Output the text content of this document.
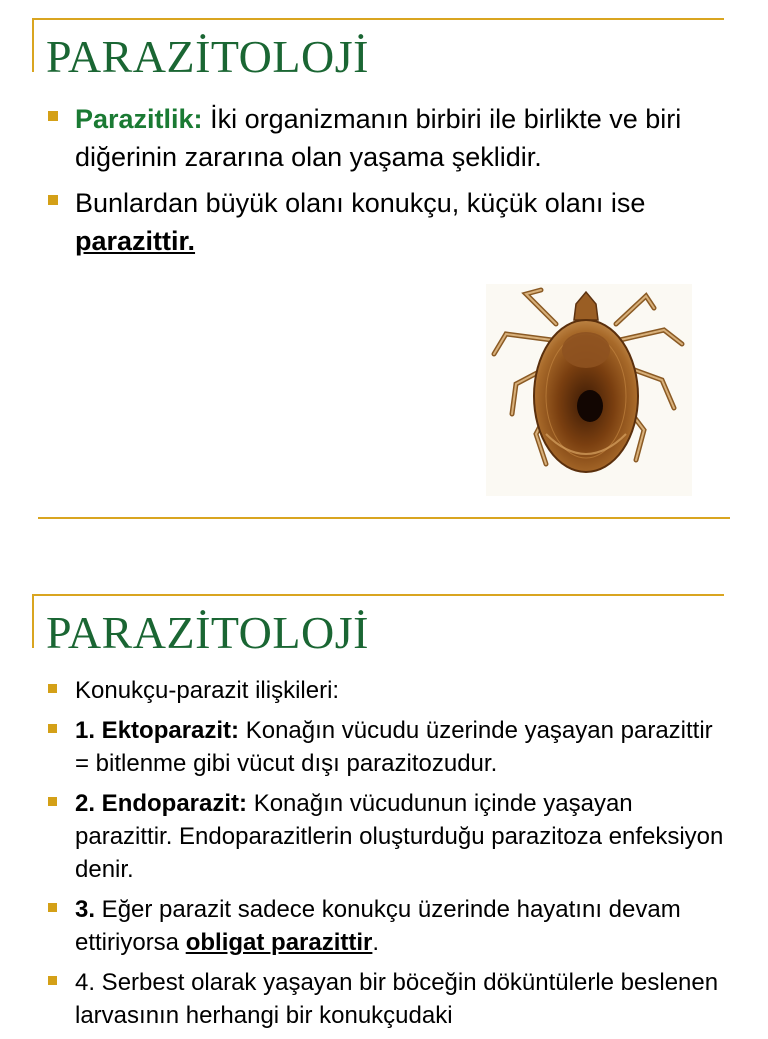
PARAZİTOLOJİ
Parazitlik: İki organizmanın birbiri ile birlikte ve biri diğerinin zararına olan yaşama şeklidir.
Bunlardan büyük olanı konukçu, küçük olanı ise parazittir.
PARAZİTOLOJİ
Konukçu-parazit ilişkileri:
1. Ektoparazit: Konağın vücudu üzerinde yaşayan parazittir = bitlenme gibi vücut dışı parazitozudur.
2. Endoparazit: Konağın vücudunun içinde yaşayan parazittir. Endoparazitlerin oluşturduğu parazitoza enfeksiyon denir.
3. Eğer parazit sadece konukçu üzerinde hayatını devam ettiriyorsa obligat parazittir.
4. Serbest olarak yaşayan bir böceğin döküntülerle beslenen larvasının herhangi bir konukçudaki
